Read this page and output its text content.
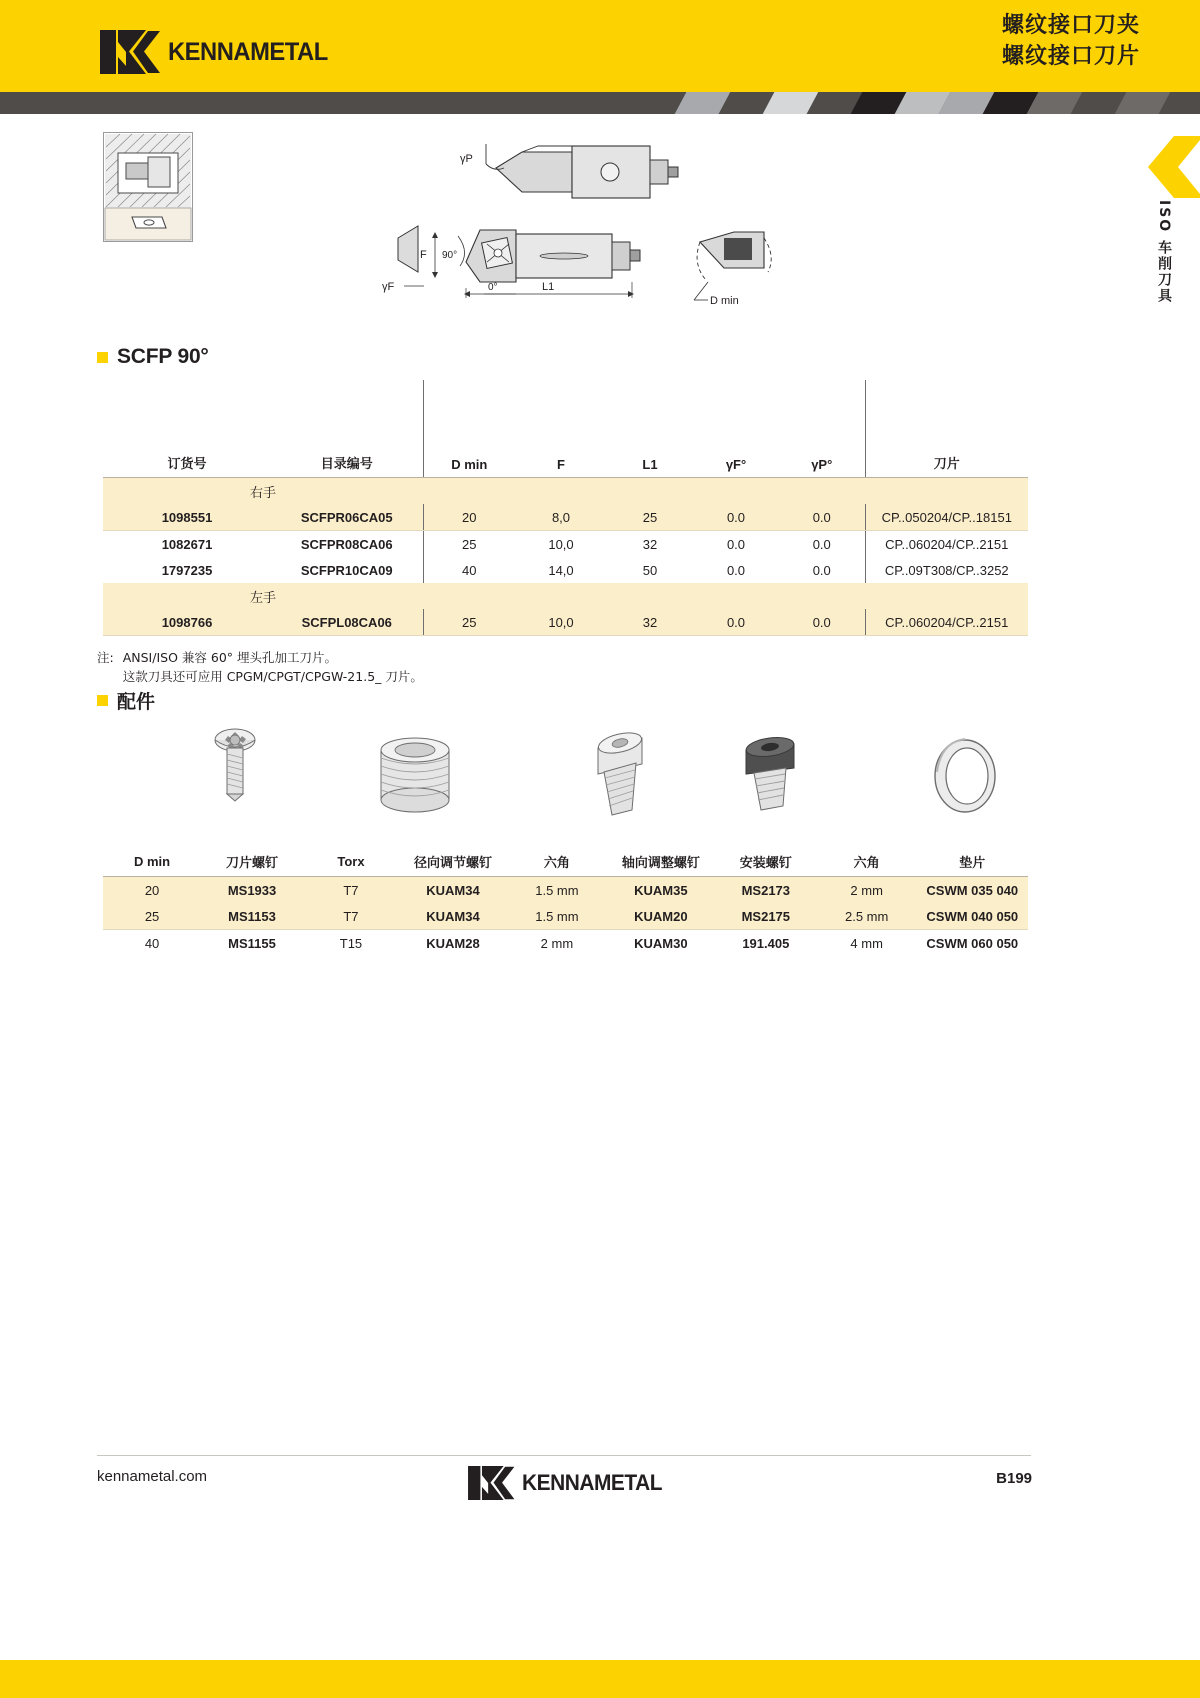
KENNAMETAL
螺纹接口刀夹
螺纹接口刀片
ISO 车削刀具
γP
F 90°
L1
0°
γF
D min
SCFP 90°
订货号	目录编号	D min	F	L1	γF°	γP°	刀片
右手							
1098551	SCFPR06CA05	20	8,0	25	0.0	0.0	CP..050204/CP..18151
1082671	SCFPR08CA06	25	10,0	32	0.0	0.0	CP..060204/CP..2151
1797235	SCFPR10CA09	40	14,0	50	0.0	0.0	CP..09T308/CP..3252
左手							
1098766	SCFPL08CA06	25	10,0	32	0.0	0.0	CP..060204/CP..2151
注: ANSI/ISO 兼容 60° 埋头孔加工刀片。
这款刀具还可应用 CPGM/CPGT/CPGW-21.5_ 刀片。
配件
D min	刀片螺钉	Torx	径向调节螺钉	六角	轴向调整螺钉	安装螺钉	六角	垫片
20	MS1933	T7	KUAM34	1.5 mm	KUAM35	MS2173	2 mm	CSWM 035 040
25	MS1153	T7	KUAM34	1.5 mm	KUAM20	MS2175	2.5 mm	CSWM 040 050
40	MS1155	T15	KUAM28	2 mm	KUAM30	191.405	4 mm	CSWM 060 050
kennametal.com	KENNAMETAL	B199
